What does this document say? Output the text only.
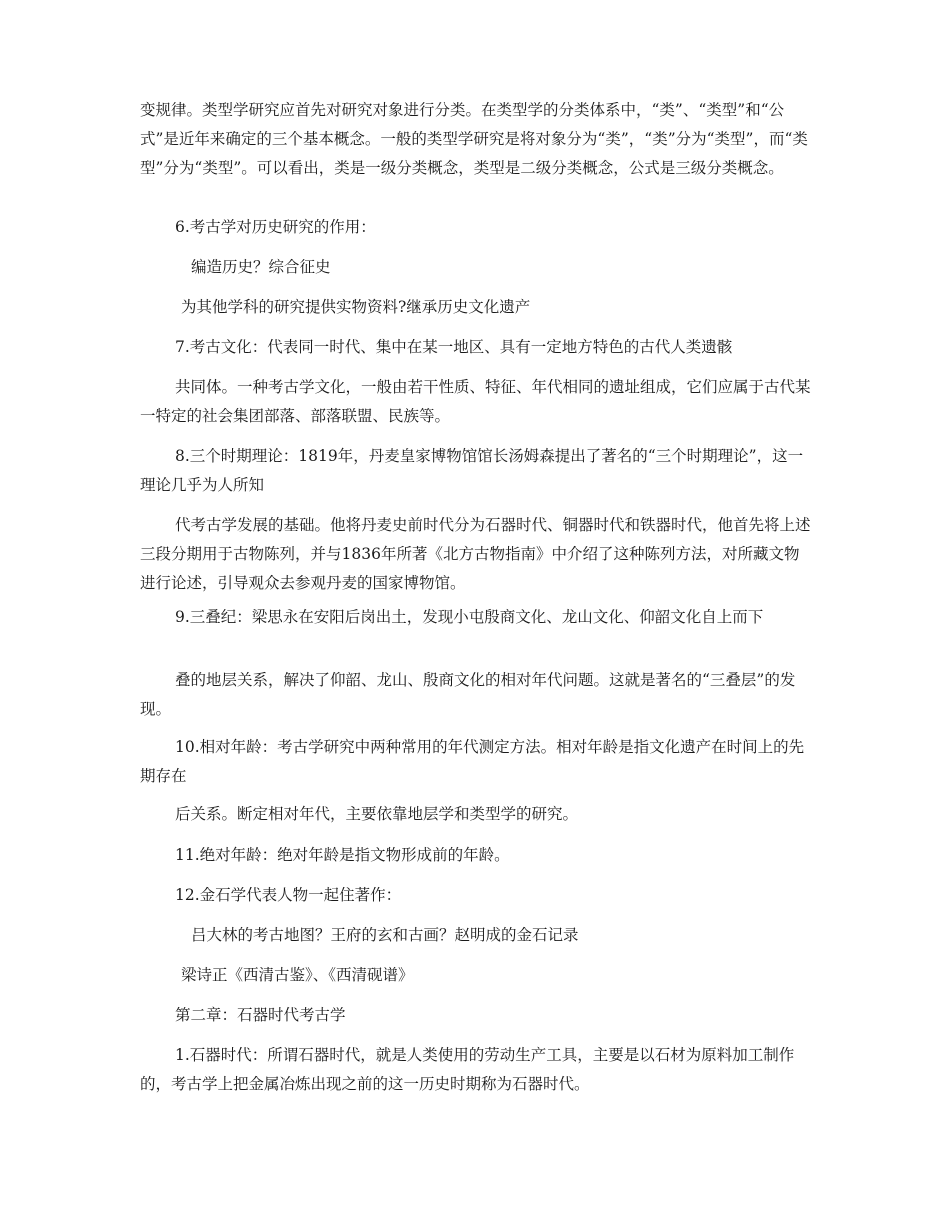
变规律。类型学研究应首先对研究对象进行分类。在类型学的分类体系中，“类”、“类型”和“公式”是近年来确定的三个基本概念。一般的类型学研究是将对象分为“类”，“类”分为“类型”，而“类型”分为“类型”。可以看出，类是一级分类概念，类型是二级分类概念，公式是三级分类概念。

6.考古学对历史研究的作用：

编造历史？综合征史

为其他学科的研究提供实物资料?继承历史文化遗产

7.考古文化：代表同一时代、集中在某一地区、具有一定地方特色的古代人类遗骸

共同体。一种考古学文化，一般由若干性质、特征、年代相同的遗址组成，它们应属于古代某一特定的社会集团部落、部落联盟、民族等。

8.三个时期理论：1819年，丹麦皇家博物馆馆长汤姆森提出了著名的“三个时期理论”，这一理论几乎为人所知

代考古学发展的基础。他将丹麦史前时代分为石器时代、铜器时代和铁器时代，他首先将上述三段分期用于古物陈列，并与1836年所著《北方古物指南》中介绍了这种陈列方法，对所藏文物进行论述，引导观众去参观丹麦的国家博物馆。

9.三叠纪：梁思永在安阳后岗出土，发现小屯殷商文化、龙山文化、仰韶文化自上而下

叠的地层关系，解决了仰韶、龙山、殷商文化的相对年代问题。这就是著名的“三叠层”的发现。

10.相对年龄：考古学研究中两种常用的年代测定方法。相对年龄是指文化遗产在时间上的先期存在

后关系。断定相对年代，主要依靠地层学和类型学的研究。

11.绝对年龄：绝对年龄是指文物形成前的年龄。

12.金石学代表人物一起住著作：

吕大林的考古地图？王府的玄和古画？赵明成的金石记录

梁诗正《西清古鉴》、《西清砚谱》

第二章：石器时代考古学

1.石器时代：所谓石器时代，就是人类使用的劳动生产工具，主要是以石材为原料加工制作的，考古学上把金属冶炼出现之前的这一历史时期称为石器时代。
